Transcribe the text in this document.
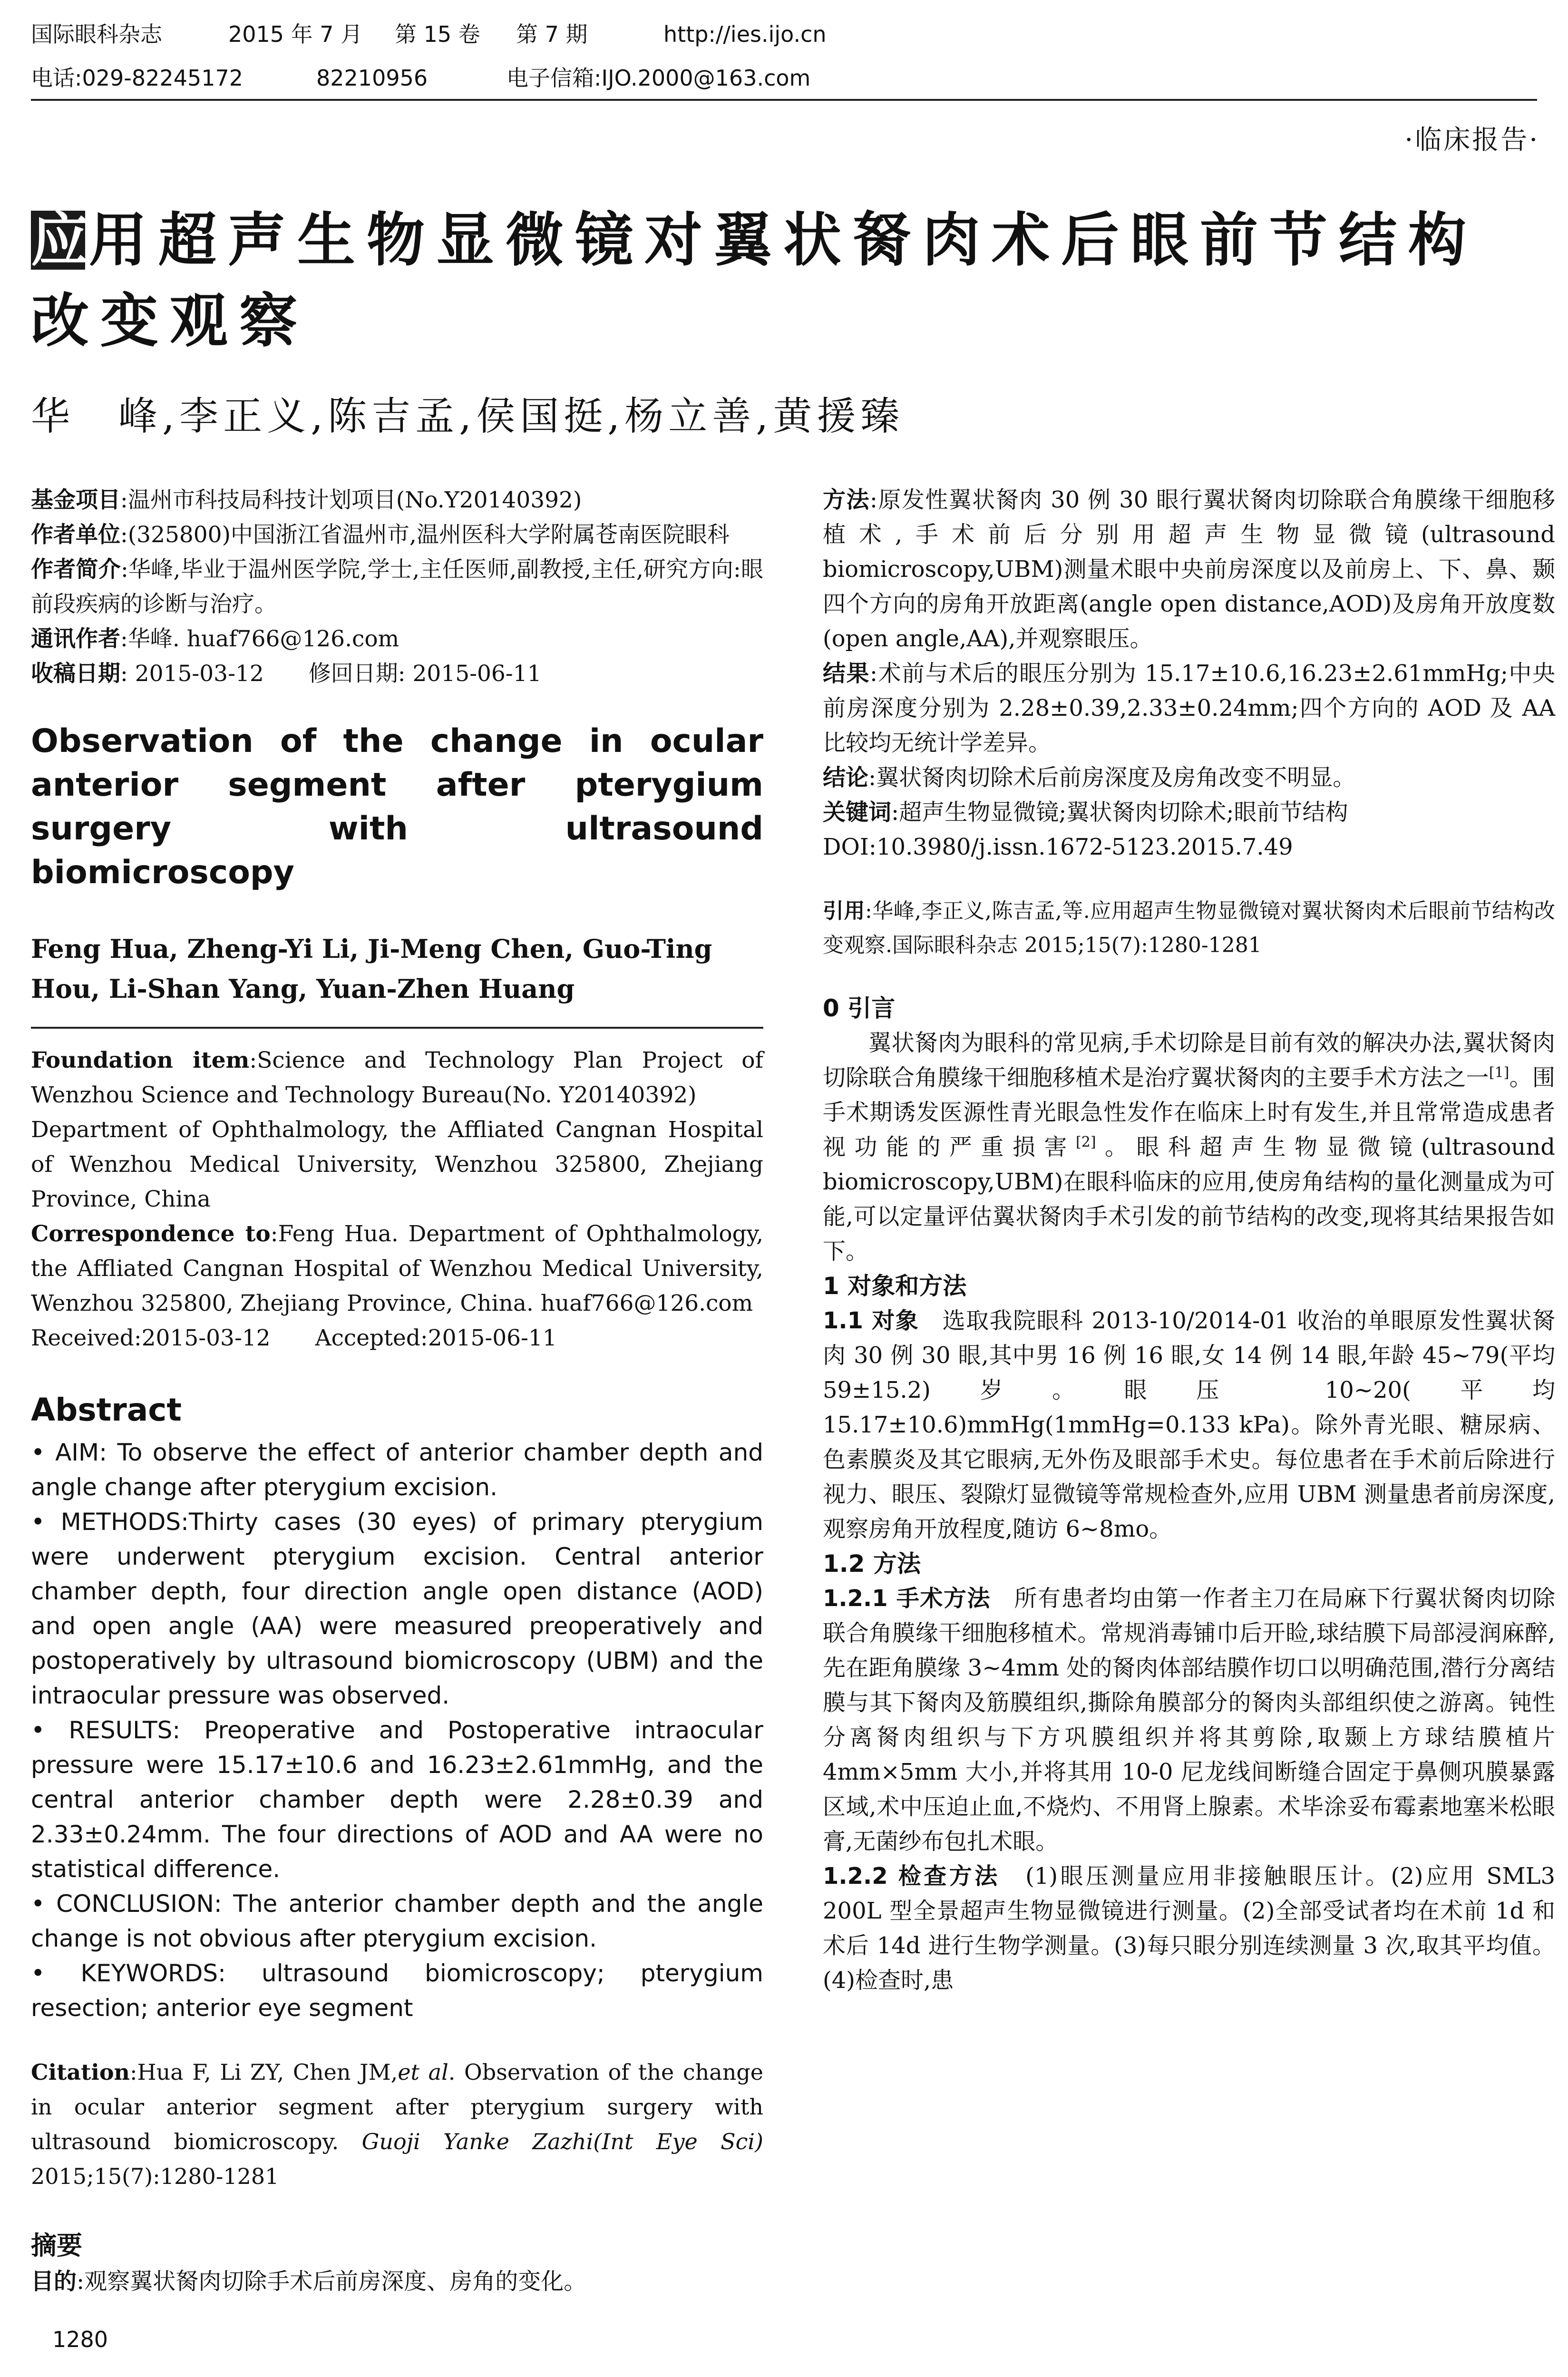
国际眼科杂志	2015 年 7 月 第 15 卷 第 7 期	http://ies.ijo.cn
电话:029-82245172	82210956	电子信箱:IJO.2000@163.com
·临床报告·
应用超声生物显微镜对翼状胬肉术后眼前节结构改变观察
华　峰,李正义,陈吉孟,侯国挺,杨立善,黄援臻

基金项目:温州市科技局科技计划项目(No.Y20140392)

作者单位:(325800)中国浙江省温州市,温州医科大学附属苍南医院眼科

作者简介:华峰,毕业于温州医学院,学士,主任医师,副教授,主任,研究方向:眼前段疾病的诊断与治疗。

通讯作者:华峰. huaf766@126.com

收稿日期: 2015-03-12　　修回日期: 2015-06-11

Observation of the change in ocular anterior segment after pterygium surgery with ultrasound biomicroscopy

Feng Hua, Zheng-Yi Li, Ji-Meng Chen, Guo-Ting Hou, Li-Shan Yang, Yuan-Zhen Huang

Foundation item:Science and Technology Plan Project of Wenzhou Science and Technology Bureau(No. Y20140392)

Department of Ophthalmology, the Affliated Cangnan Hospital of Wenzhou Medical University, Wenzhou 325800, Zhejiang Province, China

Correspondence to:Feng Hua. Department of Ophthalmology, the Affliated Cangnan Hospital of Wenzhou Medical University, Wenzhou 325800, Zhejiang Province, China. huaf766@126.com

Received:2015-03-12　　Accepted:2015-06-11

Abstract

• AIM: To observe the effect of anterior chamber depth and angle change after pterygium excision.

• METHODS:Thirty cases (30 eyes) of primary pterygium were underwent pterygium excision. Central anterior chamber depth, four direction angle open distance (AOD) and open angle (AA) were measured preoperatively and postoperatively by ultrasound biomicroscopy (UBM) and the intraocular pressure was observed.

• RESULTS: Preoperative and Postoperative intraocular pressure were 15.17±10.6 and 16.23±2.61mmHg, and the central anterior chamber depth were 2.28±0.39 and 2.33±0.24mm. The four directions of AOD and AA were no statistical difference.

• CONCLUSION: The anterior chamber depth and the angle change is not obvious after pterygium excision.

• KEYWORDS: ultrasound biomicroscopy; pterygium resection; anterior eye segment

Citation:Hua F, Li ZY, Chen JM,et al. Observation of the change in ocular anterior segment after pterygium surgery with ultrasound biomicroscopy. Guoji Yanke Zazhi(Int Eye Sci) 2015;15(7):1280-1281

摘要

目的:观察翼状胬肉切除手术后前房深度、房角的变化。

方法:原发性翼状胬肉 30 例 30 眼行翼状胬肉切除联合角膜缘干细胞移植术,手术前后分别用超声生物显微镜(ultrasound biomicroscopy,UBM)测量术眼中央前房深度以及前房上、下、鼻、颞四个方向的房角开放距离(angle open distance,AOD)及房角开放度数(open angle,AA),并观察眼压。

结果:术前与术后的眼压分别为 15.17±10.6,16.23±2.61mmHg;中央前房深度分别为 2.28±0.39,2.33±0.24mm;四个方向的 AOD 及 AA 比较均无统计学差异。

结论:翼状胬肉切除术后前房深度及房角改变不明显。

关键词:超声生物显微镜;翼状胬肉切除术;眼前节结构

DOI:10.3980/j.issn.1672-5123.2015.7.49

引用:华峰,李正义,陈吉孟,等.应用超声生物显微镜对翼状胬肉术后眼前节结构改变观察.国际眼科杂志 2015;15(7):1280-1281

0 引言

翼状胬肉为眼科的常见病,手术切除是目前有效的解决办法,翼状胬肉切除联合角膜缘干细胞移植术是治疗翼状胬肉的主要手术方法之一[1]。围手术期诱发医源性青光眼急性发作在临床上时有发生,并且常常造成患者视功能的严重损害[2]。眼科超声生物显微镜(ultrasound biomicroscopy,UBM)在眼科临床的应用,使房角结构的量化测量成为可能,可以定量评估翼状胬肉手术引发的前节结构的改变,现将其结果报告如下。

1 对象和方法

1.1 对象　选取我院眼科 2013-10/2014-01 收治的单眼原发性翼状胬肉 30 例 30 眼,其中男 16 例 16 眼,女 14 例 14 眼,年龄 45~79(平均 59±15.2)岁。眼压 10~20(平均 15.17±10.6)mmHg(1mmHg=0.133 kPa)。除外青光眼、糖尿病、色素膜炎及其它眼病,无外伤及眼部手术史。每位患者在手术前后除进行视力、眼压、裂隙灯显微镜等常规检查外,应用 UBM 测量患者前房深度,观察房角开放程度,随访 6~8mo。

1.2 方法

1.2.1 手术方法　所有患者均由第一作者主刀在局麻下行翼状胬肉切除联合角膜缘干细胞移植术。常规消毒铺巾后开睑,球结膜下局部浸润麻醉,先在距角膜缘 3~4mm 处的胬肉体部结膜作切口以明确范围,潜行分离结膜与其下胬肉及筋膜组织,撕除角膜部分的胬肉头部组织使之游离。钝性分离胬肉组织与下方巩膜组织并将其剪除,取颞上方球结膜植片 4mm×5mm 大小,并将其用 10-0 尼龙线间断缝合固定于鼻侧巩膜暴露区域,术中压迫止血,不烧灼、不用肾上腺素。术毕涂妥布霉素地塞米松眼膏,无菌纱布包扎术眼。

1.2.2 检查方法　(1)眼压测量应用非接触眼压计。(2)应用 SML3 200L 型全景超声生物显微镜进行测量。(2)全部受试者均在术前 1d 和术后 14d 进行生物学测量。(3)每只眼分别连续测量 3 次,取其平均值。(4)检查时,患

1280
